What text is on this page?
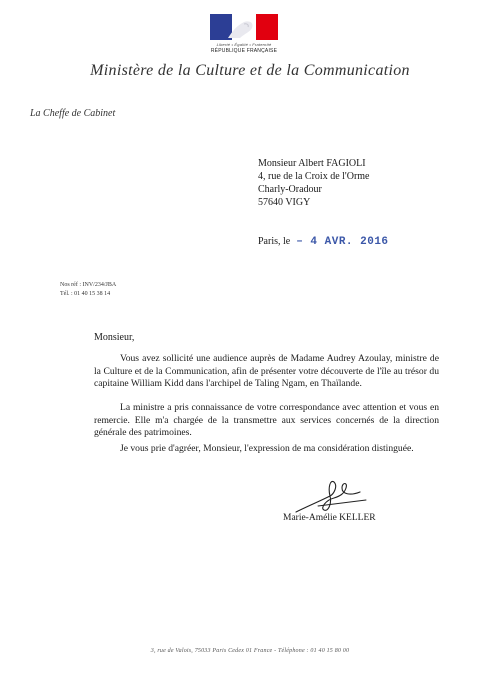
Liberté • Égalité • Fraternité
RÉPUBLIQUE FRANÇAISE
Ministère de la Culture et de la Communication
La Cheffe de Cabinet
Monsieur Albert FAGIOLI
4, rue de la Croix de l'Orme
Charly-Oradour
57640 VIGY
Paris, le – 4 AVR. 2016
Nos réf : INV/234/JBA
Tél. : 01 40 15 38 14
Monsieur,

Vous avez sollicité une audience auprès de Madame Audrey Azoulay, ministre de la Culture et de la Communication, afin de présenter votre découverte de l'île au trésor du capitaine William Kidd dans l'archipel de Taling Ngam, en Thaïlande.

La ministre a pris connaissance de votre correspondance avec attention et vous en remercie. Elle m'a chargée de la transmettre aux services concernés de la direction générale des patrimoines.

Je vous prie d'agréer, Monsieur, l'expression de ma considération distinguée.

Marie-Amélie KELLER
3, rue de Valois, 75033 Paris Cedex 01 France - Téléphone : 01 40 15 80 00
